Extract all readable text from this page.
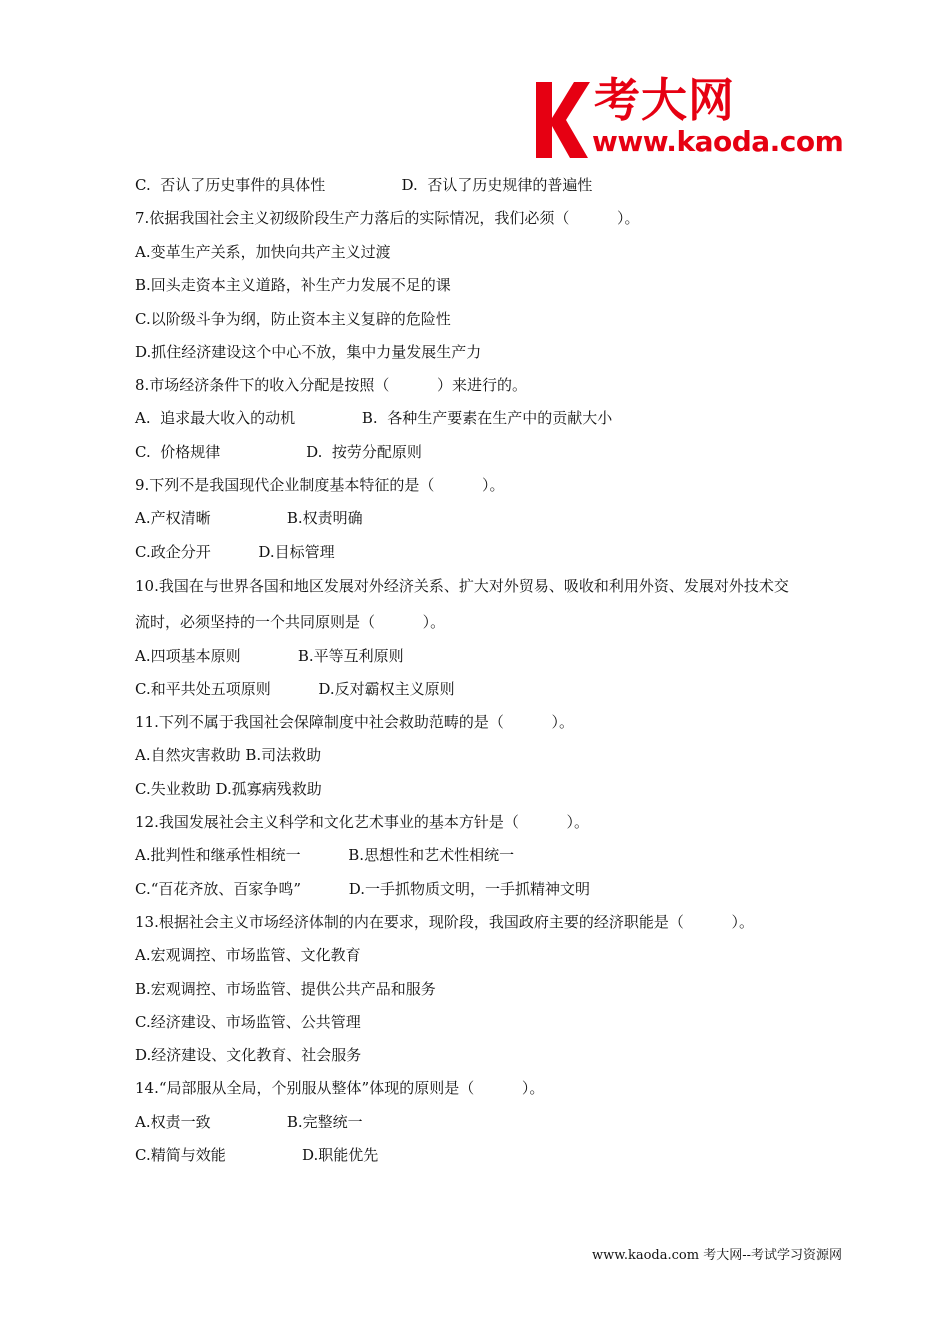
考大网
www.kaoda.com
C.  否认了历史事件的具体性                D.  否认了历史规律的普遍性
7.依据我国社会主义初级阶段生产力落后的实际情况，我们必须（          ）。
A.变革生产关系，加快向共产主义过渡
B.回头走资本主义道路，补生产力发展不足的课
C.以阶级斗争为纲，防止资本主义复辟的危险性
D.抓住经济建设这个中心不放，集中力量发展生产力
8.市场经济条件下的收入分配是按照（          ）来进行的。
A.  追求最大收入的动机              B.  各种生产要素在生产中的贡献大小
C.  价格规律                  D.  按劳分配原则
9.下列不是我国现代企业制度基本特征的是（          ）。
A.产权清晰                B.权责明确
C.政企分开          D.目标管理
10.我国在与世界各国和地区发展对外经济关系、扩大对外贸易、吸收和利用外资、发展对外技术交
流时，必须坚持的一个共同原则是（          ）。
A.四项基本原则            B.平等互利原则
C.和平共处五项原则          D.反对霸权主义原则
11.下列不属于我国社会保障制度中社会救助范畴的是（          ）。
A.自然灾害救助 B.司法救助
C.失业救助 D.孤寡病残救助
12.我国发展社会主义科学和文化艺术事业的基本方针是（          ）。
A.批判性和继承性相统一          B.思想性和艺术性相统一
C.“百花齐放、百家争鸣”          D.一手抓物质文明，一手抓精神文明
13.根据社会主义市场经济体制的内在要求，现阶段，我国政府主要的经济职能是（          ）。
A.宏观调控、市场监管、文化教育
B.宏观调控、市场监管、提供公共产品和服务
C.经济建设、市场监管、公共管理
D.经济建设、文化教育、社会服务
14.“局部服从全局，个别服从整体”体现的原则是（          ）。
A.权责一致                B.完整统一
C.精简与效能                D.职能优先
www.kaoda.com 考大网--考试学习资源网
